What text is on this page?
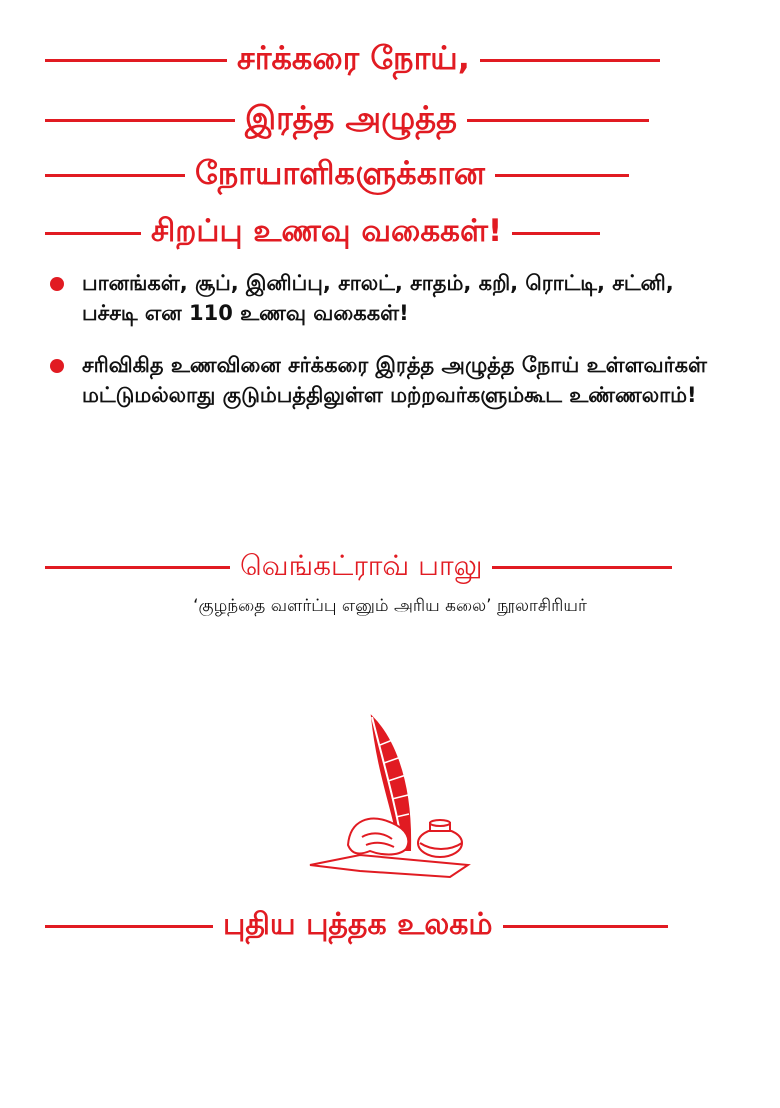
சர்க்கரை நோய்,
இரத்த அழுத்த
நோயாளிகளுக்கான
சிறப்பு உணவு வகைகள்!
பானங்கள், சூப், இனிப்பு, சாலட், சாதம், கறி, ரொட்டி, சட்னி, பச்சடி என 110 உணவு வகைகள்!
சரிவிகித உணவினை சர்க்கரை இரத்த அழுத்த நோய் உள்ளவர்கள் மட்டுமல்லாது குடும்பத்திலுள்ள மற்றவர்களும்கூட உண்ணலாம்!
வெங்கட்ராவ் பாலு
‘குழந்தை வளர்ப்பு எனும் அரிய கலை’ நூலாசிரியர்
புதிய புத்தக உலகம்
